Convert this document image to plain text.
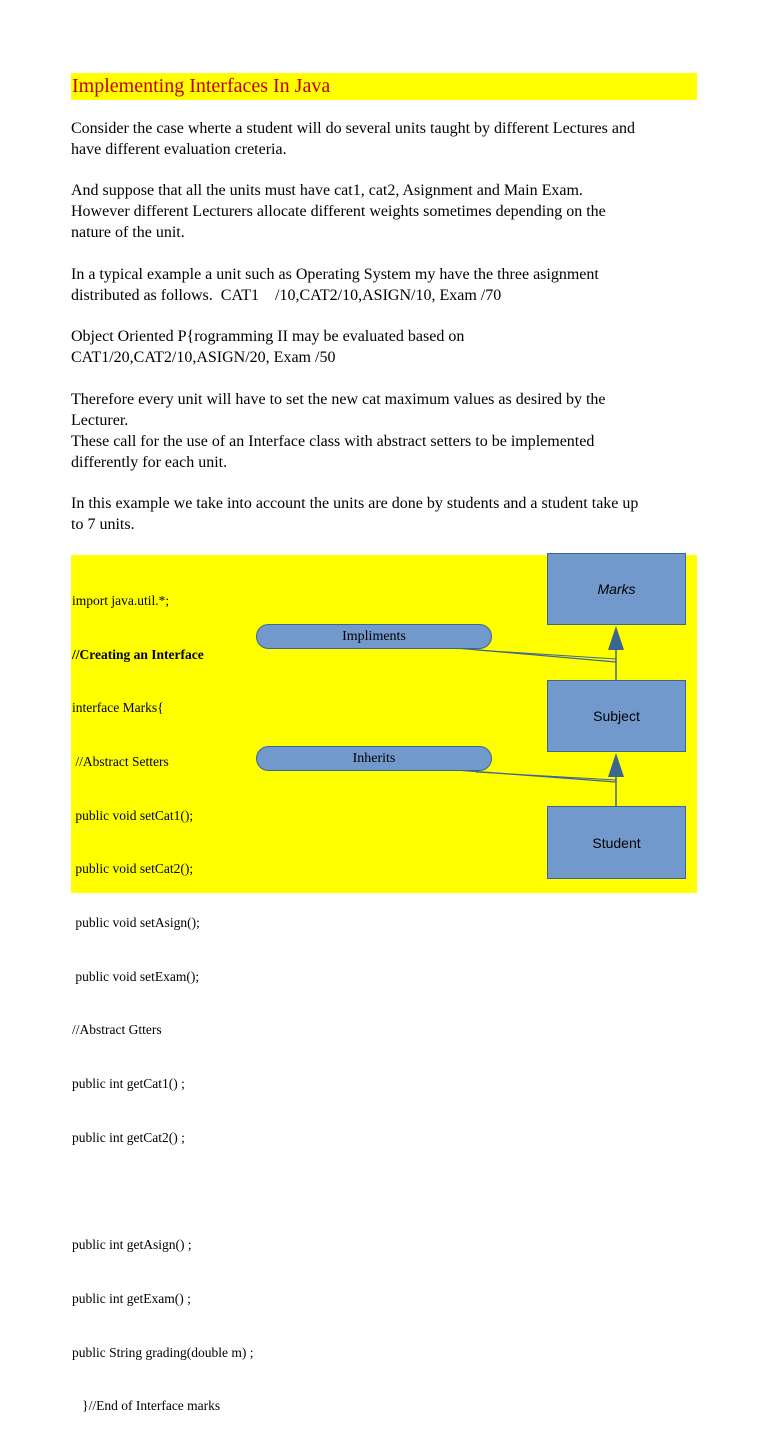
Implementing Interfaces In Java
Consider the case wherte a student will do several units taught by different Lectures and
have different evaluation creteria.
And suppose that all the units must have cat1, cat2, Asignment and Main Exam.
However different Lecturers allocate different weights sometimes depending on the
nature of the unit.
In a typical example a unit such as Operating System my have the three asignment
distributed as follows.  CAT1    /10,CAT2/10,ASIGN/10, Exam /70
Object Oriented P{rogramming II may be evaluated based on
CAT1/20,CAT2/10,ASIGN/20, Exam /50
Therefore every unit will have to set the new cat maximum values as desired by the
Lecturer.
These call for the use of an Interface class with abstract setters to be implemented
differently for each unit.
In this example we take into account the units are done by students and a student take up
to 7 units.

import java.util.*;

//Creating an Interface

interface Marks{

//Abstract Setters

public void setCat1();

public void setCat2();

public void setAsign();

public void setExam();

//Abstract Gtters

public int getCat1() ;

public int getCat2() ;

public int getAsign() ;

public int getExam() ;

public String grading(double m) ;

}//End of Interface marks

Marks
Subject
Student
Impliments
Inherits
